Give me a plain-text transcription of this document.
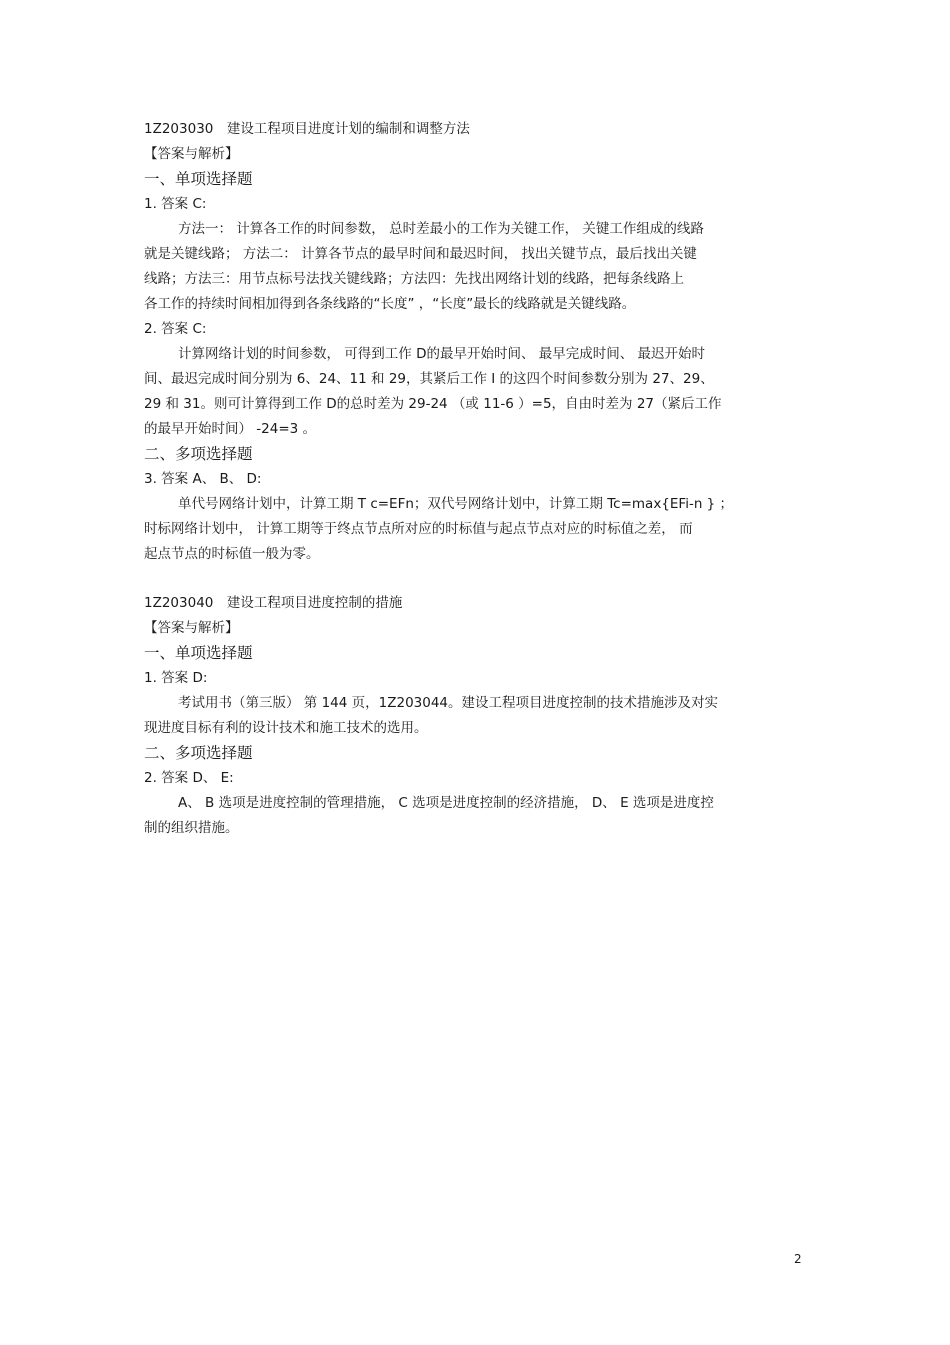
1Z203030　建设工程项目进度计划的编制和调整方法
【答案与解析】
一、单项选择题
1. 答案 C:
方法一： 计算各工作的时间参数， 总时差最小的工作为关键工作， 关键工作组成的线路
就是关键线路； 方法二： 计算各节点的最早时间和最迟时间， 找出关键节点，最后找出关键
线路；方法三：用节点标号法找关键线路；方法四：先找出网络计划的线路，把每条线路上
各工作的持续时间相加得到各条线路的“长度” ，“长度”最长的线路就是关键线路。
2. 答案 C:
计算网络计划的时间参数， 可得到工作 D的最早开始时间、 最早完成时间、 最迟开始时
间、最迟完成时间分别为 6、24、11 和 29，其紧后工作 I 的这四个时间参数分别为 27、29、
29 和 31。则可计算得到工作 D的总时差为 29-24 （或 11-6 ）=5，自由时差为 27（紧后工作
的最早开始时间） -24=3 。
二、多项选择题
3. 答案 A、 B、 D:
单代号网络计划中，计算工期 T c=EFn；双代号网络计划中，计算工期 Tc=max{EFi-n } ；
时标网络计划中， 计算工期等于终点节点所对应的时标值与起点节点对应的时标值之差， 而
起点节点的时标值一般为零。
1Z203040　建设工程项目进度控制的措施
【答案与解析】
一、单项选择题
1. 答案 D:
考试用书（第三版） 第 144 页，1Z203044。建设工程项目进度控制的技术措施涉及对实
现进度目标有利的设计技术和施工技术的选用。
二、多项选择题
2. 答案 D、 E:
A、 B 选项是进度控制的管理措施， C 选项是进度控制的经济措施， D、 E 选项是进度控
制的组织措施。
2
